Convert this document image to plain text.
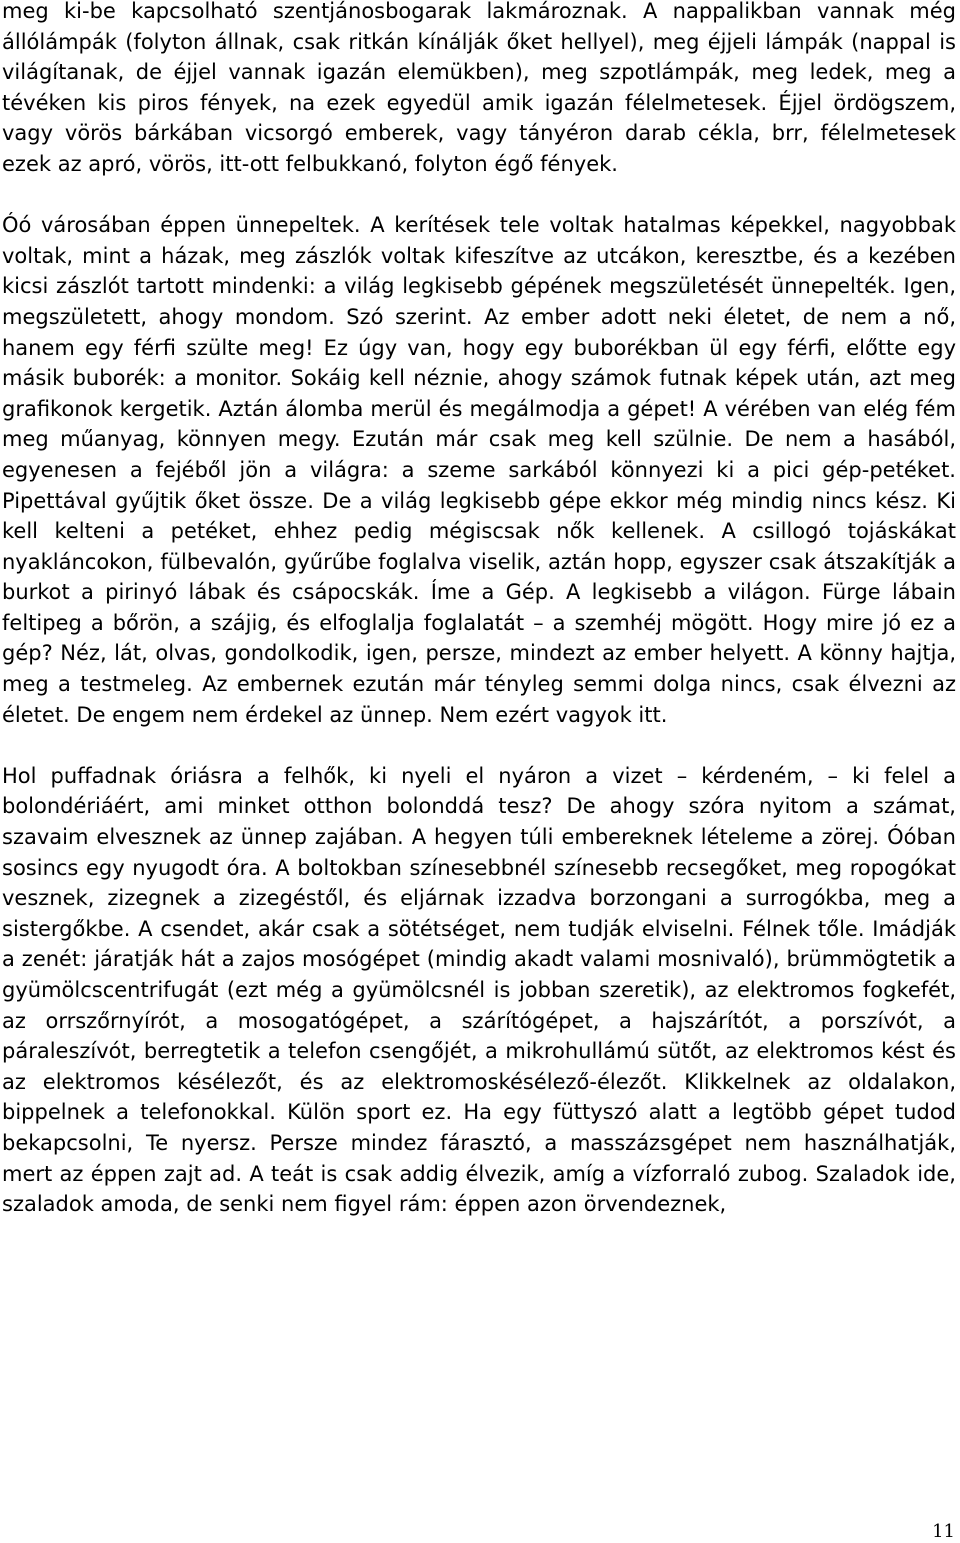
meg ki-be kapcsolható szentjánosbogarak lakmároznak. A nappalikban vannak még állólámpák (folyton állnak, csak ritkán kínálják őket hellyel), meg éjjeli lámpák (nappal is világítanak, de éjjel vannak igazán elemükben), meg szpotlámpák, meg ledek, meg a tévéken kis piros fények, na ezek egyedül amik igazán félelmetesek. Éjjel ördögszem, vagy vörös bárkában vicsorgó emberek, vagy tányéron darab cékla, brr, félelmetesek ezek az apró, vörös, itt-ott felbukkanó, folyton égő fények.

Óó városában éppen ünnepeltek. A kerítések tele voltak hatalmas képekkel, nagyobbak voltak, mint a házak, meg zászlók voltak kifeszítve az utcákon, keresztbe, és a kezében kicsi zászlót tartott mindenki: a világ legkisebb gépének megszületését ünnepelték. Igen, megszületett, ahogy mondom. Szó szerint. Az ember adott neki életet, de nem a nő, hanem egy férfi szülte meg! Ez úgy van, hogy egy buborékban ül egy férfi, előtte egy másik buborék: a monitor. Sokáig kell néznie, ahogy számok futnak képek után, azt meg grafikonok kergetik. Aztán álomba merül és megálmodja a gépet! A vérében van elég fém meg műanyag, könnyen megy. Ezután már csak meg kell szülnie. De nem a hasából, egyenesen a fejéből jön a világra: a szeme sarkából könnyezi ki a pici gép-petéket. Pipettával gyűjtik őket össze. De a világ legkisebb gépe ekkor még mindig nincs kész. Ki kell kelteni a petéket, ehhez pedig mégiscsak nők kellenek. A csillogó tojáskákat nyakláncokon, fülbevalón, gyűrűbe foglalva viselik, aztán hopp, egyszer csak átszakítják a burkot a pirinyó lábak és csápocskák. Íme a Gép. A legkisebb a világon. Fürge lábain feltipeg a bőrön, a szájig, és elfoglalja foglalatát – a szemhéj mögött. Hogy mire jó ez a gép? Néz, lát, olvas, gondolkodik, igen, persze, mindezt az ember helyett. A könny hajtja, meg a testmeleg. Az embernek ezután már tényleg semmi dolga nincs, csak élvezni az életet. De engem nem érdekel az ünnep. Nem ezért vagyok itt.

Hol puffadnak óriásra a felhők, ki nyeli el nyáron a vizet – kérdeném, – ki felel a bolondériáért, ami minket otthon bolonddá tesz? De ahogy szóra nyitom a számat, szavaim elvesznek az ünnep zajában. A hegyen túli embereknek lételeme a zörej. Óóban sosincs egy nyugodt óra. A boltokban színesebbnél színesebb recsegőket, meg ropogókat vesznek, zizegnek a zizegéstől, és eljárnak izzadva borzongani a surrogókba, meg a sistergőkbe. A csendet, akár csak a sötétséget, nem tudják elviselni. Félnek tőle. Imádják a zenét: járatják hát a zajos mosógépet (mindig akadt valami mosnivaló), brümmögtetik a gyümölcscentrifugát (ezt még a gyümölcsnél is jobban szeretik), az elektromos fogkefét, az orrszőrnyírót, a mosogatógépet, a szárítógépet, a hajszárítót, a porszívót, a páraleszívót, berregtetik a telefon csengőjét, a mikrohullámú sütőt, az elektromos kést és az elektromos késélezőt, és az elektromoskésélező-élezőt. Klikkelnek az oldalakon, bippelnek a telefonokkal. Külön sport ez. Ha egy füttyszó alatt a legtöbb gépet tudod bekapcsolni, Te nyersz. Persze mindez fárasztó, a masszázsgépet nem használhatják, mert az éppen zajt ad. A teát is csak addig élvezik, amíg a vízforraló zubog. Szaladok ide, szaladok amoda, de senki nem figyel rám: éppen azon örvendeznek,

11
